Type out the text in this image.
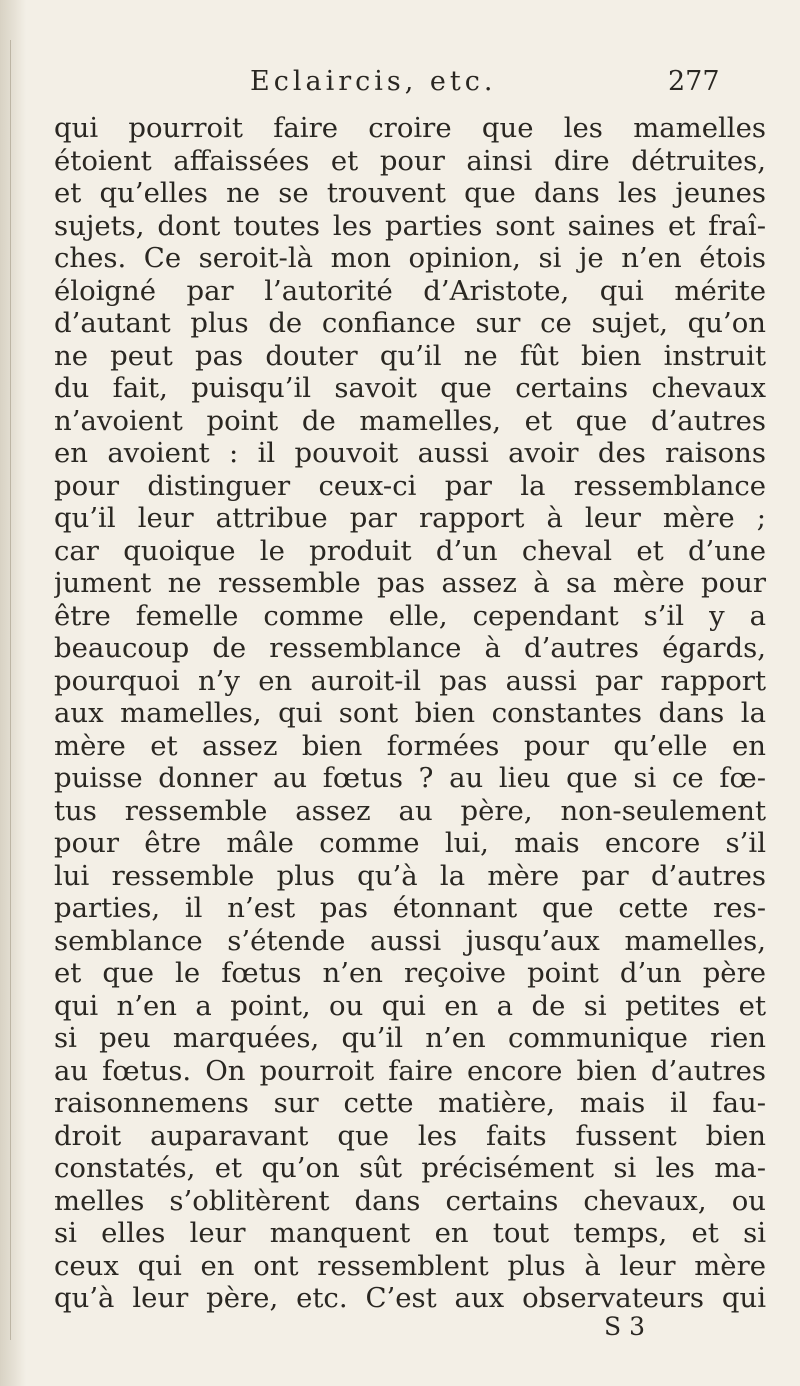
Eclaircis, etc.	277
qui pourroit faire croire que les mamelles
étoient affaissées et pour ainsi dire détruites,
et qu’elles ne se trouvent que dans les jeunes
sujets, dont toutes les parties sont saines et fraî-
ches. Ce seroit-là mon opinion, si je n’en étois
éloigné par l’autorité d’Aristote, qui mérite
d’autant plus de confiance sur ce sujet, qu’on
ne peut pas douter qu’il ne fût bien instruit
du fait, puisqu’il savoit que certains chevaux
n’avoient point de mamelles, et que d’autres
en avoient : il pouvoit aussi avoir des raisons
pour distinguer ceux-ci par la ressemblance
qu’il leur attribue par rapport à leur mère ;
car quoique le produit d’un cheval et d’une
jument ne ressemble pas assez à sa mère pour
être femelle comme elle, cependant s’il y a
beaucoup de ressemblance à d’autres égards,
pourquoi n’y en auroit-il pas aussi par rapport
aux mamelles, qui sont bien constantes dans la
mère et assez bien formées pour qu’elle en
puisse donner au fœtus ? au lieu que si ce fœ-
tus ressemble assez au père, non-seulement
pour être mâle comme lui, mais encore s’il
lui ressemble plus qu’à la mère par d’autres
parties, il n’est pas étonnant que cette res-
semblance s’étende aussi jusqu’aux mamelles,
et que le fœtus n’en reçoive point d’un père
qui n’en a point, ou qui en a de si petites et
si peu marquées, qu’il n’en communique rien
au fœtus. On pourroit faire encore bien d’autres
raisonnemens sur cette matière, mais il fau-
droit auparavant que les faits fussent bien
constatés, et qu’on sût précisément si les ma-
melles s’oblitèrent dans certains chevaux, ou
si elles leur manquent en tout temps, et si
ceux qui en ont ressemblent plus à leur mère
qu’à leur père, etc. C’est aux observateurs qui
S 3
